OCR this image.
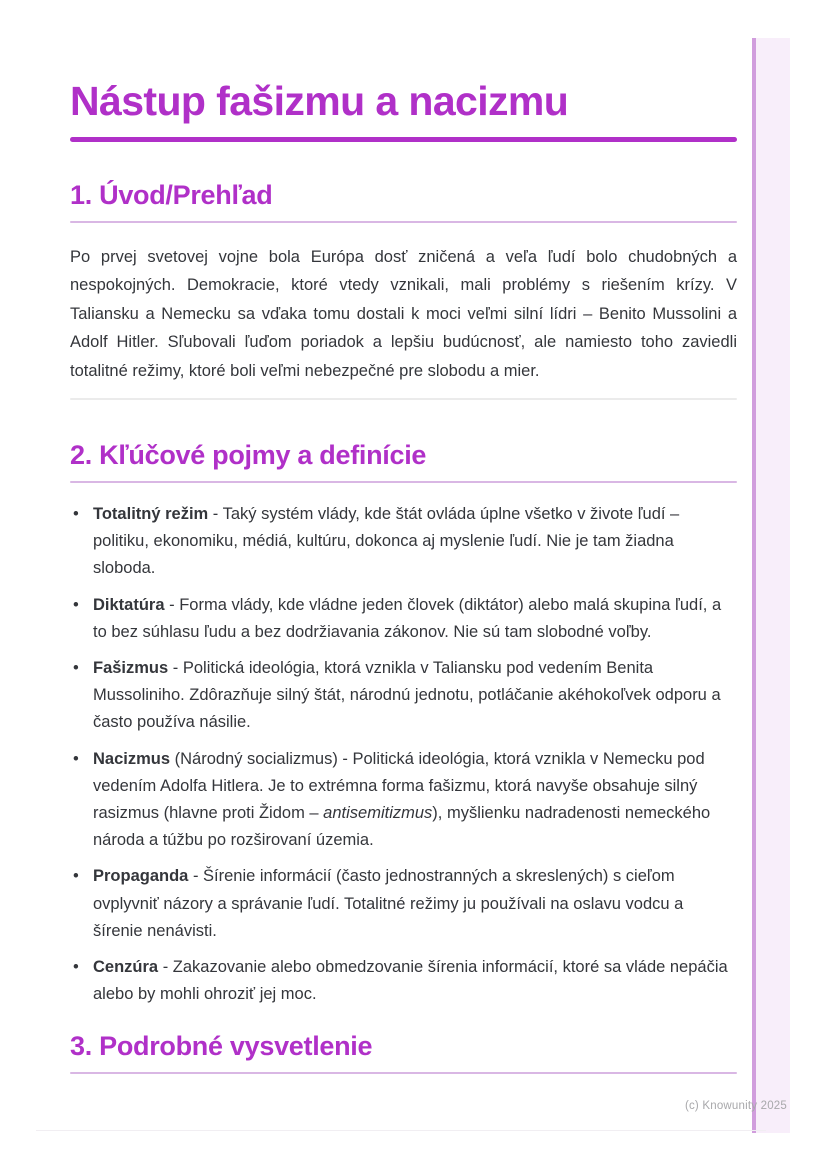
Nástup fašizmu a nacizmu
1. Úvod/Prehľad

Po prvej svetovej vojne bola Európa dosť zničená a veľa ľudí bolo chudobných a nespokojných. Demokracie, ktoré vtedy vznikali, mali problémy s riešením krízy. V Taliansku a Nemecku sa vďaka tomu dostali k moci veľmi silní lídri – Benito Mussolini a Adolf Hitler. Sľubovali ľuďom poriadok a lepšiu budúcnosť, ale namiesto toho zaviedli totalitné režimy, ktoré boli veľmi nebezpečné pre slobodu a mier.

2. Kľúčové pojmy a definície
• Totalitný režim - Taký systém vlády, kde štát ovláda úplne všetko v živote ľudí – politiku, ekonomiku, médiá, kultúru, dokonca aj myslenie ľudí. Nie je tam žiadna sloboda.
• Diktatúra - Forma vlády, kde vládne jeden človek (diktátor) alebo malá skupina ľudí, a to bez súhlasu ľudu a bez dodržiavania zákonov. Nie sú tam slobodné voľby.
• Fašizmus - Politická ideológia, ktorá vznikla v Taliansku pod vedením Benita Mussoliniho. Zdôrazňuje silný štát, národnú jednotu, potláčanie akéhokoľvek odporu a často používa násilie.
• Nacizmus (Národný socializmus) - Politická ideológia, ktorá vznikla v Nemecku pod vedením Adolfa Hitlera. Je to extrémna forma fašizmu, ktorá navyše obsahuje silný rasizmus (hlavne proti Židom – antisemitizmus), myšlienku nadradenosti nemeckého národa a túžbu po rozširovaní územia.
• Propaganda - Šírenie informácií (často jednostranných a skreslených) s cieľom ovplyvniť názory a správanie ľudí. Totalitné režimy ju používali na oslavu vodcu a šírenie nenávisti.
• Cenzúra - Zakazovanie alebo obmedzovanie šírenia informácií, ktoré sa vláde nepáčia alebo by mohli ohroziť jej moc.
3. Podrobné vysvetlenie
(c) Knowunity 2025
